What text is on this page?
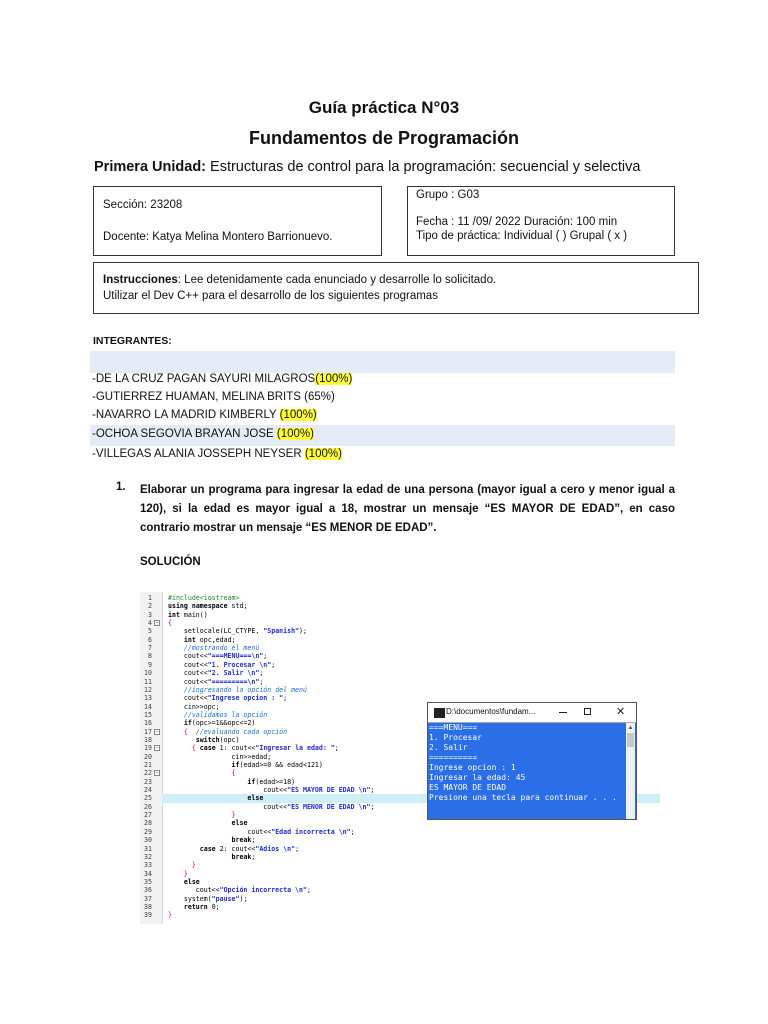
Guía práctica N°03
Fundamentos de Programación
Primera Unidad: Estructuras de control para la programación: secuencial y selectiva
Sección: 23208
Docente: Katya Melina Montero Barrionuevo.
Grupo : G03
Fecha : 11 /09/ 2022 Duración: 100 min
Tipo de práctica: Individual ( ) Grupal ( x )
Instrucciones: Lee detenidamente cada enunciado y desarrolle lo solicitado.
Utilizar el Dev C++ para el desarrollo de los siguientes programas
INTEGRANTES:
-DE LA CRUZ PAGAN SAYURI MILAGROS(100%)
-GUTIERREZ HUAMAN, MELINA BRITS (65%)
-NAVARRO LA MADRID KIMBERLY (100%)
-OCHOA SEGOVIA BRAYAN JOSE (100%)
-VILLEGAS ALANIA JOSSEPH NEYSER (100%)
1. Elaborar un programa para ingresar la edad de una persona (mayor igual a cero y menor igual a 120), si la edad es mayor igual a 18, mostrar un mensaje “ES MAYOR DE EDAD”, en caso contrario mostrar un mensaje “ES MENOR DE EDAD”.
SOLUCIÓN
1 #include<iostream>
2 using namespace std;
3 int main()
4 − {
5 setlocale(LC_CTYPE, "Spanish");
6	int opc,edad;
7	//mostrando el menú
8 cout<<"===MENU===\n";
9 cout<<"1. Procesar \n";
10 cout<<"2. Salir \n";
11 cout<<"=========\n";
12	//ingresando la opción del menú
13 cout<<"Ingrese opcion : ";
14 cin>>opc;
15	//validamos la opción
16	if(opc>=1&&opc<=2)
17 −	{ //evaluando cada opción
18	switch(opc)
19 −	{ case 1: cout<<"Ingresar la edad: ";
20 cin>>edad;
21	if(edad>=0 && edad<121)
22 −	{
23	if(edad>=18)
24 cout<<"ES MAYOR DE EDAD \n";
25	else
26 cout<<"ES MENOR DE EDAD \n";
27	}
28	else
29 cout<<"Edad incorrecta \n";
30	break;
31	case 2: cout<<"Adios \n";
32	break;
33	}
34	}
35	else
36 cout<<"Opción incorrecta \n";
37 system("pause");
38	return 0;
39 }
D:\documentos\fundam...	✕
===MENU===
1. Procesar
2. Salir
==========
Ingrese opcion : 1
Ingresar la edad: 45
ES MAYOR DE EDAD
Presione una tecla para continuar . . .
▲
